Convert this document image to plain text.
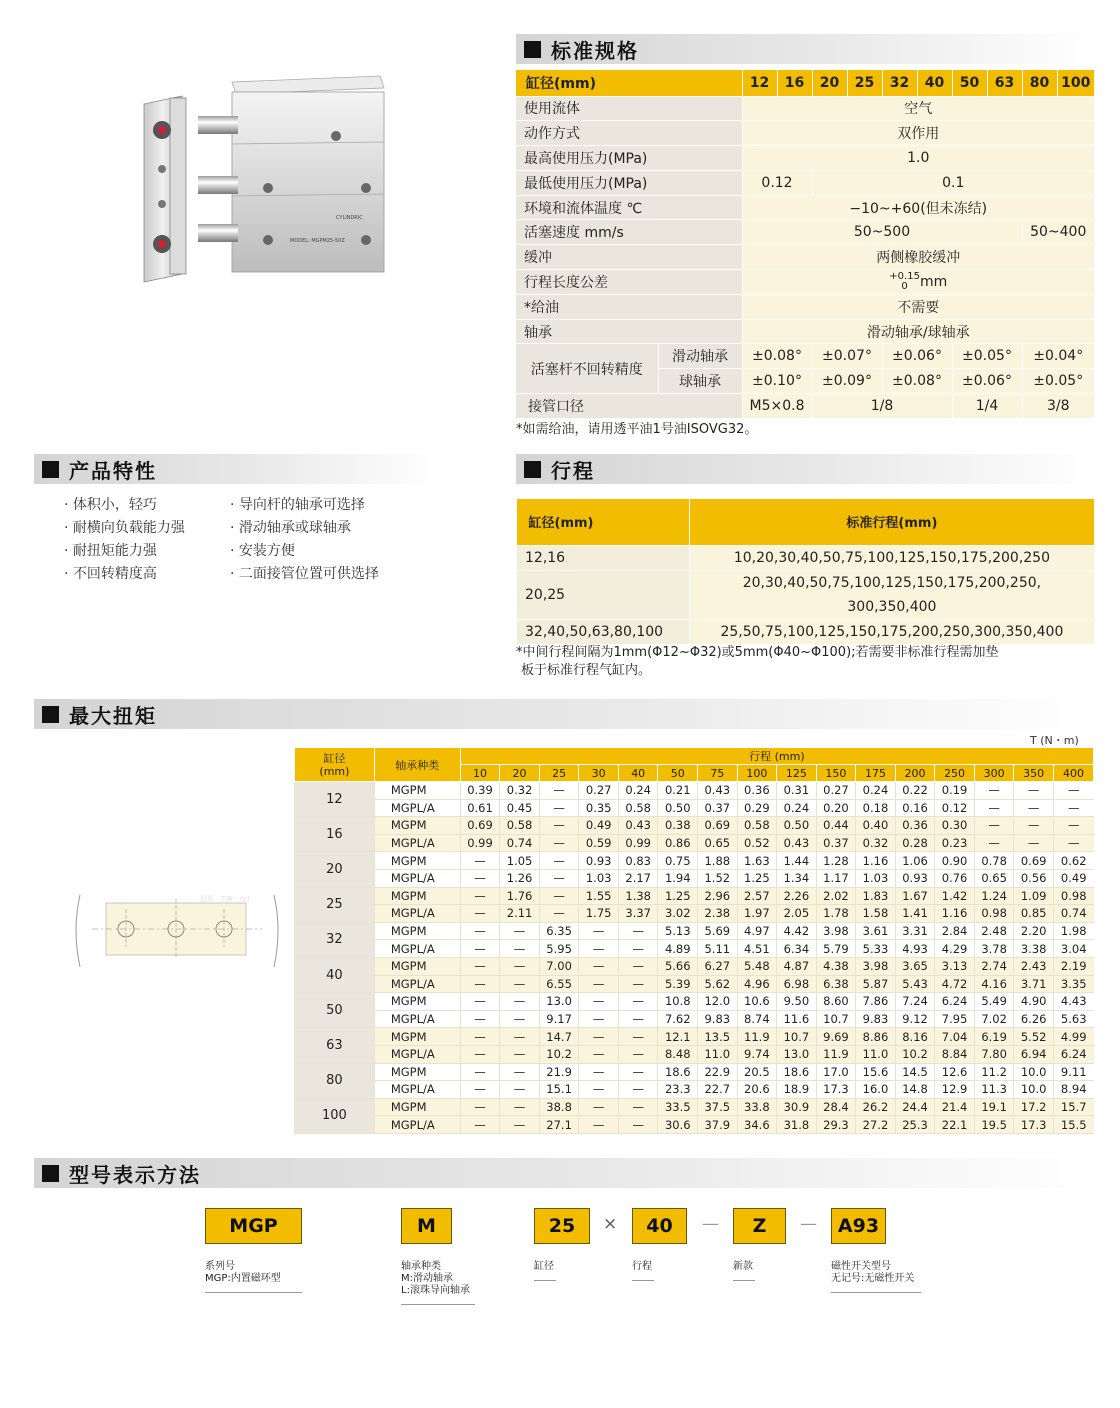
标准规格
CYLINDRIC
MODEL: MGPM25-50Z
缸径(mm)		12	16	20	25	32	40	50	63	80	100
使用流体		空气									
动作方式		双作用									
最高使用压力(MPa)		1.0									
最低使用压力(MPa)		0.12		0.1							
环境和流体温度 ℃		−10~+60(但未冻结)									
活塞速度 mm/s		50~500								50~400	
缓冲		两侧橡胶缓冲									
行程长度公差		+0.15
0 mm									
*给油		不需要									
轴承		滑动轴承/球轴承									
活塞杆不回转精度	滑动轴承	±0.08°		±0.07°		±0.06°		±0.05°		±0.04°	
	球轴承	±0.10°		±0.09°		±0.08°		±0.06°		±0.05°	
接管口径		M5×0.8		1/8				1/4		3/8	
*如需给油，请用透平油1号油ISOVG32。
产品特性
· 体积小，轻巧
· 耐横向负载能力强
· 耐扭矩能力强
· 不回转精度高
· 导向杆的轴承可选择
· 滑动轴承或球轴承
· 安装方便
· 二面接管位置可供选择
行程
缸径(mm)	标准行程(mm)
12,16	10,20,30,40,50,75,100,125,150,175,200,250

20,25	20,30,40,50,75,100,125,150,175,200,250,
300,350,400

32,40,50,63,80,100	25,50,75,100,125,150,175,200,250,300,350,400
*中间行程间隔为1mm(Φ12~Φ32)或5mm(Φ40~Φ100);若需要非标准行程需加垫
板于标准行程气缸内。
最大扭矩
T (N・m)
扭矩 · T(N・m)
缸径
(mm)	轴承种类	行程 (mm)															
		10	20	25	30	40	50	75	100	125	150	175	200	250	300	350	400
12	MGPM	0.39	0.32	—	0.27	0.24	0.21	0.43	0.36	0.31	0.27	0.24	0.22	0.19	—	—	—
	MGPL/A	0.61	0.45	—	0.35	0.58	0.50	0.37	0.29	0.24	0.20	0.18	0.16	0.12	—	—	—
16	MGPM	0.69	0.58	—	0.49	0.43	0.38	0.69	0.58	0.50	0.44	0.40	0.36	0.30	—	—	—
	MGPL/A	0.99	0.74	—	0.59	0.99	0.86	0.65	0.52	0.43	0.37	0.32	0.28	0.23	—	—	—
20	MGPM	—	1.05	—	0.93	0.83	0.75	1.88	1.63	1.44	1.28	1.16	1.06	0.90	0.78	0.69	0.62
	MGPL/A	—	1.26	—	1.03	2.17	1.94	1.52	1.25	1.34	1.17	1.03	0.93	0.76	0.65	0.56	0.49
25	MGPM	—	1.76	—	1.55	1.38	1.25	2.96	2.57	2.26	2.02	1.83	1.67	1.42	1.24	1.09	0.98
	MGPL/A	—	2.11	—	1.75	3.37	3.02	2.38	1.97	2.05	1.78	1.58	1.41	1.16	0.98	0.85	0.74
32	MGPM	—	—	6.35	—	—	5.13	5.69	4.97	4.42	3.98	3.61	3.31	2.84	2.48	2.20	1.98
	MGPL/A	—	—	5.95	—	—	4.89	5.11	4.51	6.34	5.79	5.33	4.93	4.29	3.78	3.38	3.04
40	MGPM	—	—	7.00	—	—	5.66	6.27	5.48	4.87	4.38	3.98	3.65	3.13	2.74	2.43	2.19
	MGPL/A	—	—	6.55	—	—	5.39	5.62	4.96	6.98	6.38	5.87	5.43	4.72	4.16	3.71	3.35
50	MGPM	—	—	13.0	—	—	10.8	12.0	10.6	9.50	8.60	7.86	7.24	6.24	5.49	4.90	4.43
	MGPL/A	—	—	9.17	—	—	7.62	9.83	8.74	11.6	10.7	9.83	9.12	7.95	7.02	6.26	5.63
63	MGPM	—	—	14.7	—	—	12.1	13.5	11.9	10.7	9.69	8.86	8.16	7.04	6.19	5.52	4.99
	MGPL/A	—	—	10.2	—	—	8.48	11.0	9.74	13.0	11.9	11.0	10.2	8.84	7.80	6.94	6.24
80	MGPM	—	—	21.9	—	—	18.6	22.9	20.5	18.6	17.0	15.6	14.5	12.6	11.2	10.0	9.11
	MGPL/A	—	—	15.1	—	—	23.3	22.7	20.6	18.9	17.3	16.0	14.8	12.9	11.3	10.0	8.94
100	MGPM	—	—	38.8	—	—	33.5	37.5	33.8	30.9	28.4	26.2	24.4	21.4	19.1	17.2	15.7
	MGPL/A	—	—	27.1	—	—	30.6	37.9	34.6	31.8	29.3	27.2	25.3	22.1	19.5	17.3	15.5
型号表示方法
MGP	M	25	×	40	—	Z	—	A93
系列号
MGP:内置磁环型
轴承种类
M:滑动轴承
L:滚珠导向轴承
缸径	行程	新款	磁性开关型号
无记号:无磁性开关
